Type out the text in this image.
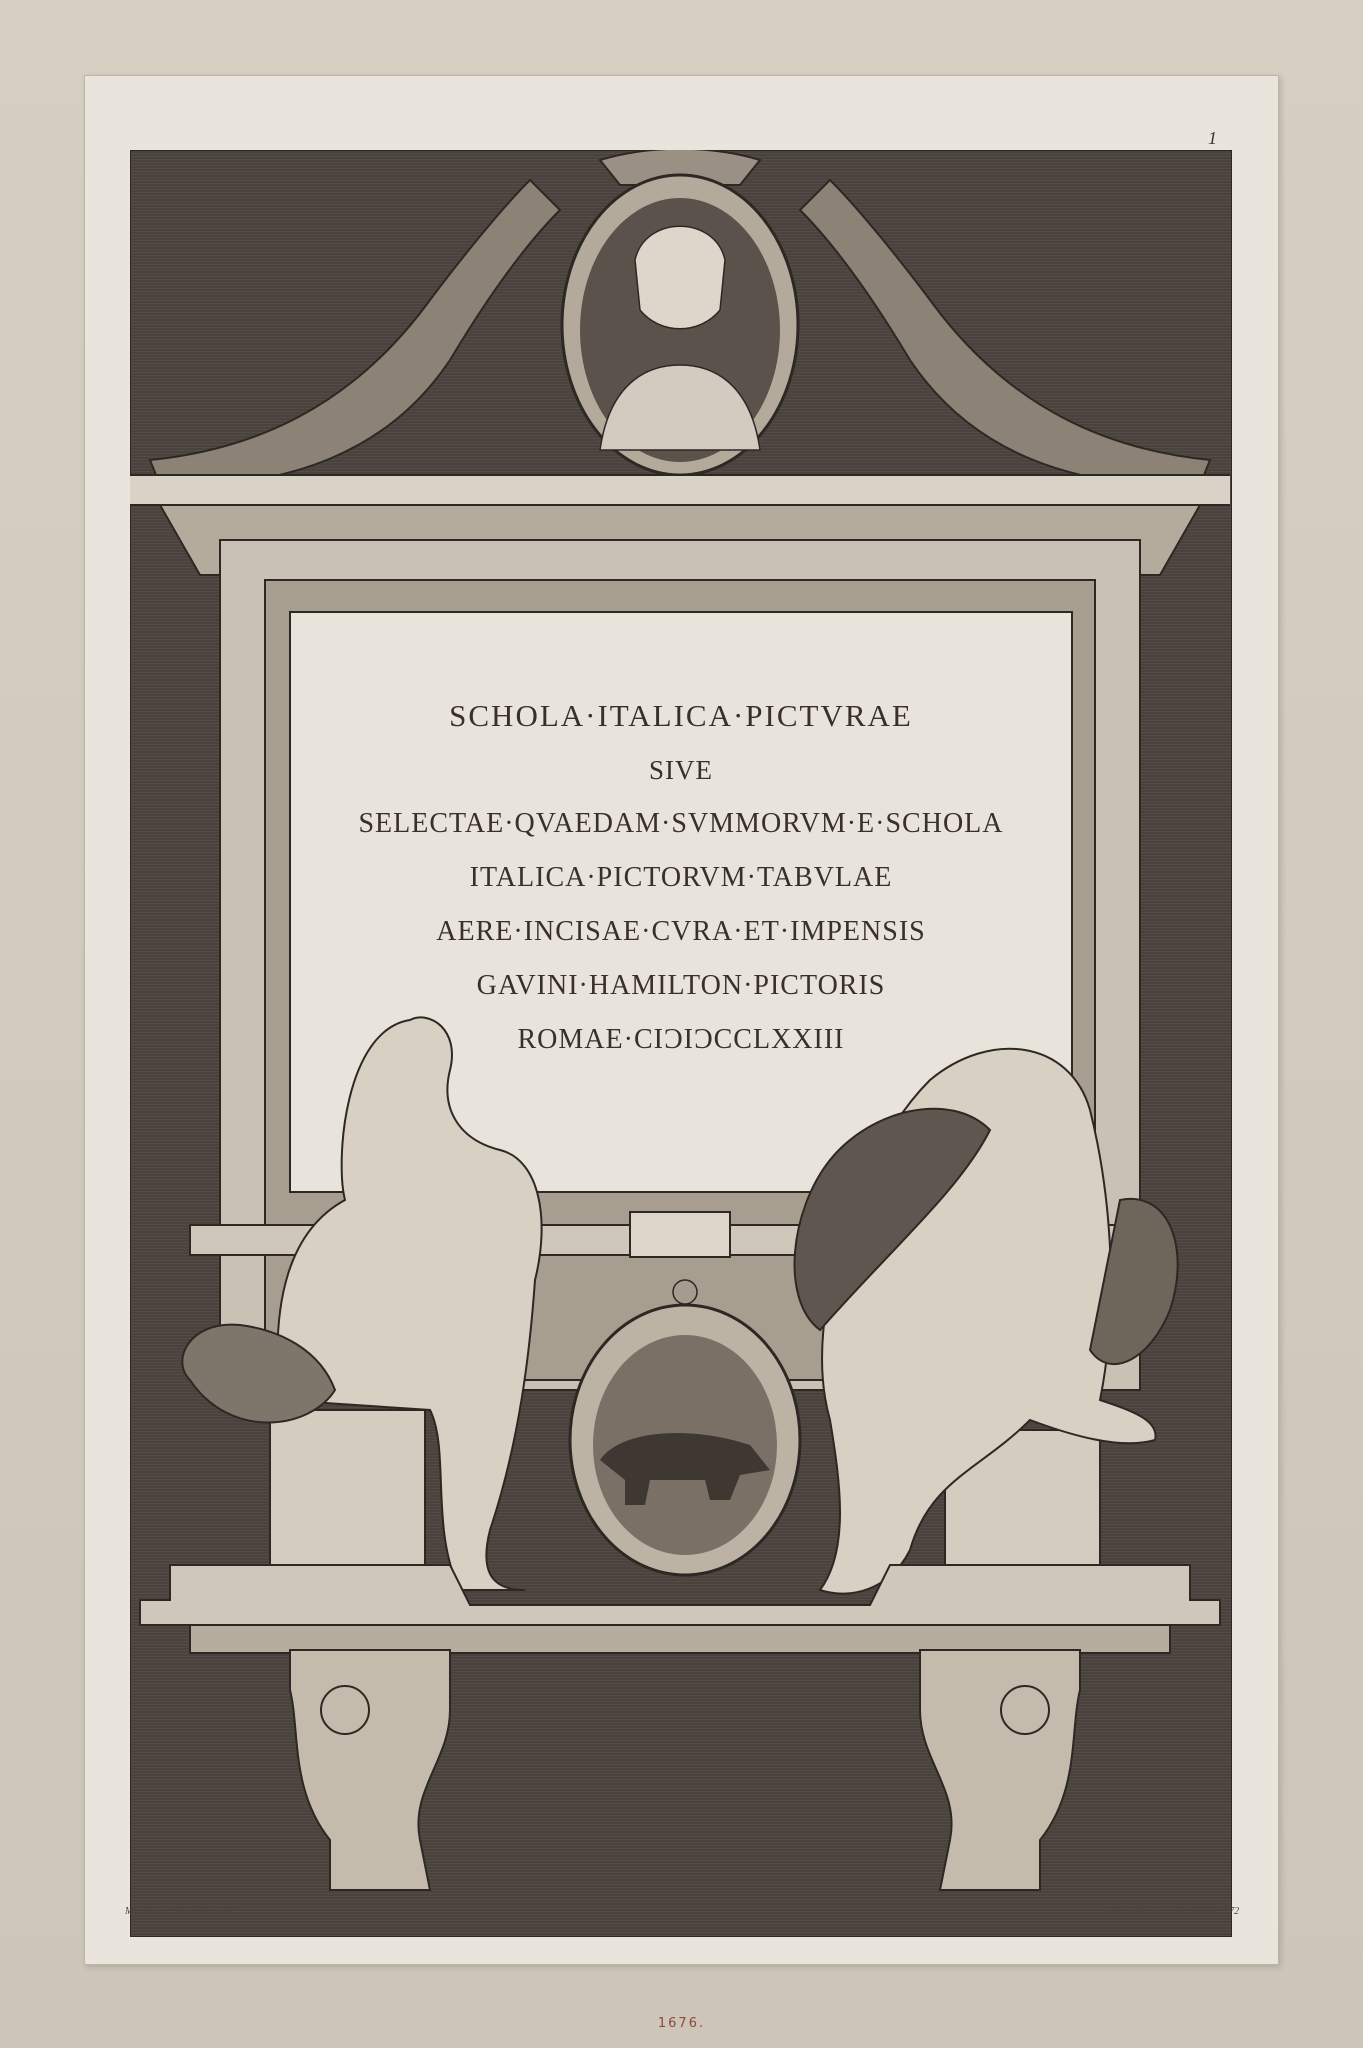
1
SCHOLA·ITALICA·PICTVRAE
SIVE
SELECTAE·QVAEDAM·SVMMORVM·E·SCHOLA
ITALICA·PICTORVM·TABVLAE
AERE·INCISAE·CVRA·ET·IMPENSIS
GAVINI·HAMILTON·PICTORIS
ROMAE·CIƆIƆCCLXXIII
Michelang. Bonaroti pinxit	Joseph Perini sculp. Romae 1772
1676.
